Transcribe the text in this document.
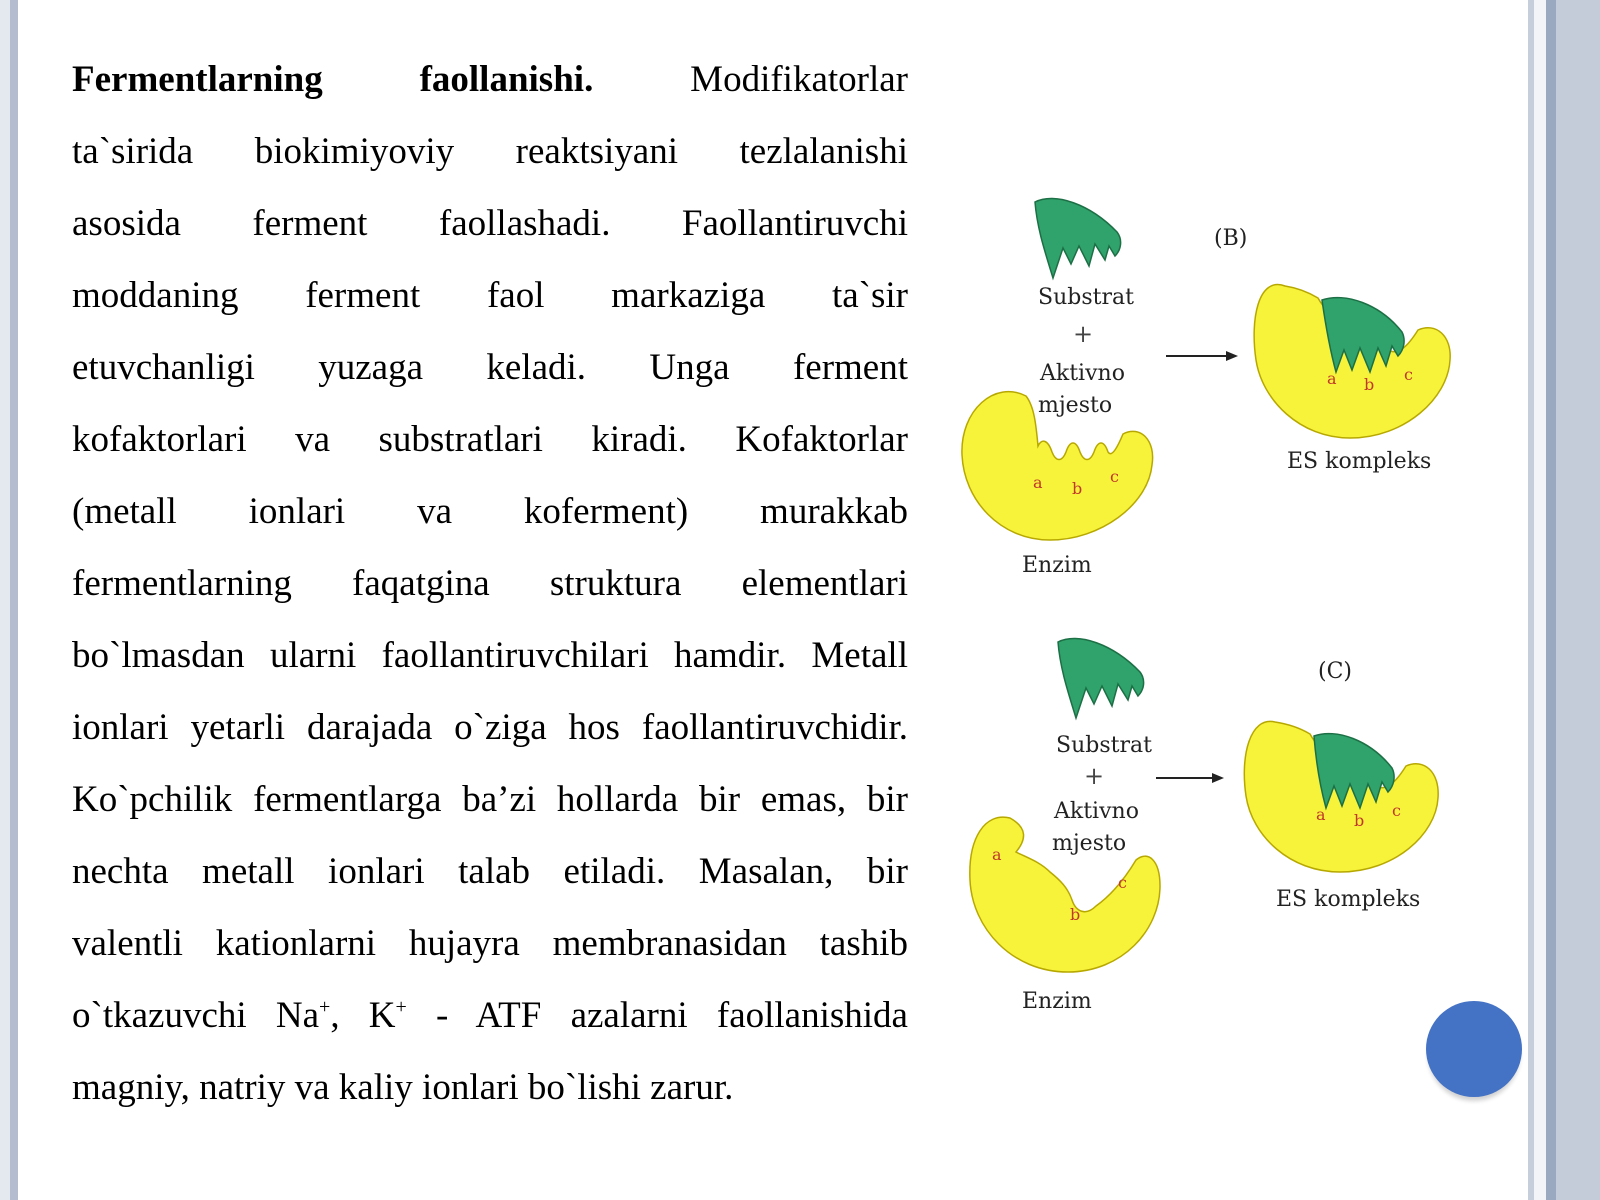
Fermentlarning faollanishi.	Modifikatorlar

ta`sirida biokimiyoviy reaktsiyani tezlalanishi

asosida ferment faollashadi. Faollantiruvchi

moddaning ferment faol markaziga ta`sir

etuvchanligi yuzaga keladi. Unga ferment

kofaktorlari va substratlari kiradi. Kofaktorlar

(metall ionlari va koferment) murakkab

fermentlarning faqatgina struktura elementlari

bo`lmasdan ularni faollantiruvchilari hamdir. Metall

ionlari yetarli darajada o`ziga hos faollantiruvchidir.

Ko`pchilik fermentlarga ba’zi hollarda bir emas, bir

nechta metall ionlari talab etiladi. Masalan, bir

valentli kationlarni hujayra membranasidan tashib

o`tkazuvchi Na+, K+ - ATF azalarni faollanishida

magniy, natriy va kaliy ionlari bo`lishi zarur.

(B)
Substrat
+
Aktivno
mjesto
a b
c
Enzim
a b
c
ES kompleks
(C)
Substrat
+
Aktivno
mjesto
a
b
c
Enzim
a b
c
ES kompleks
